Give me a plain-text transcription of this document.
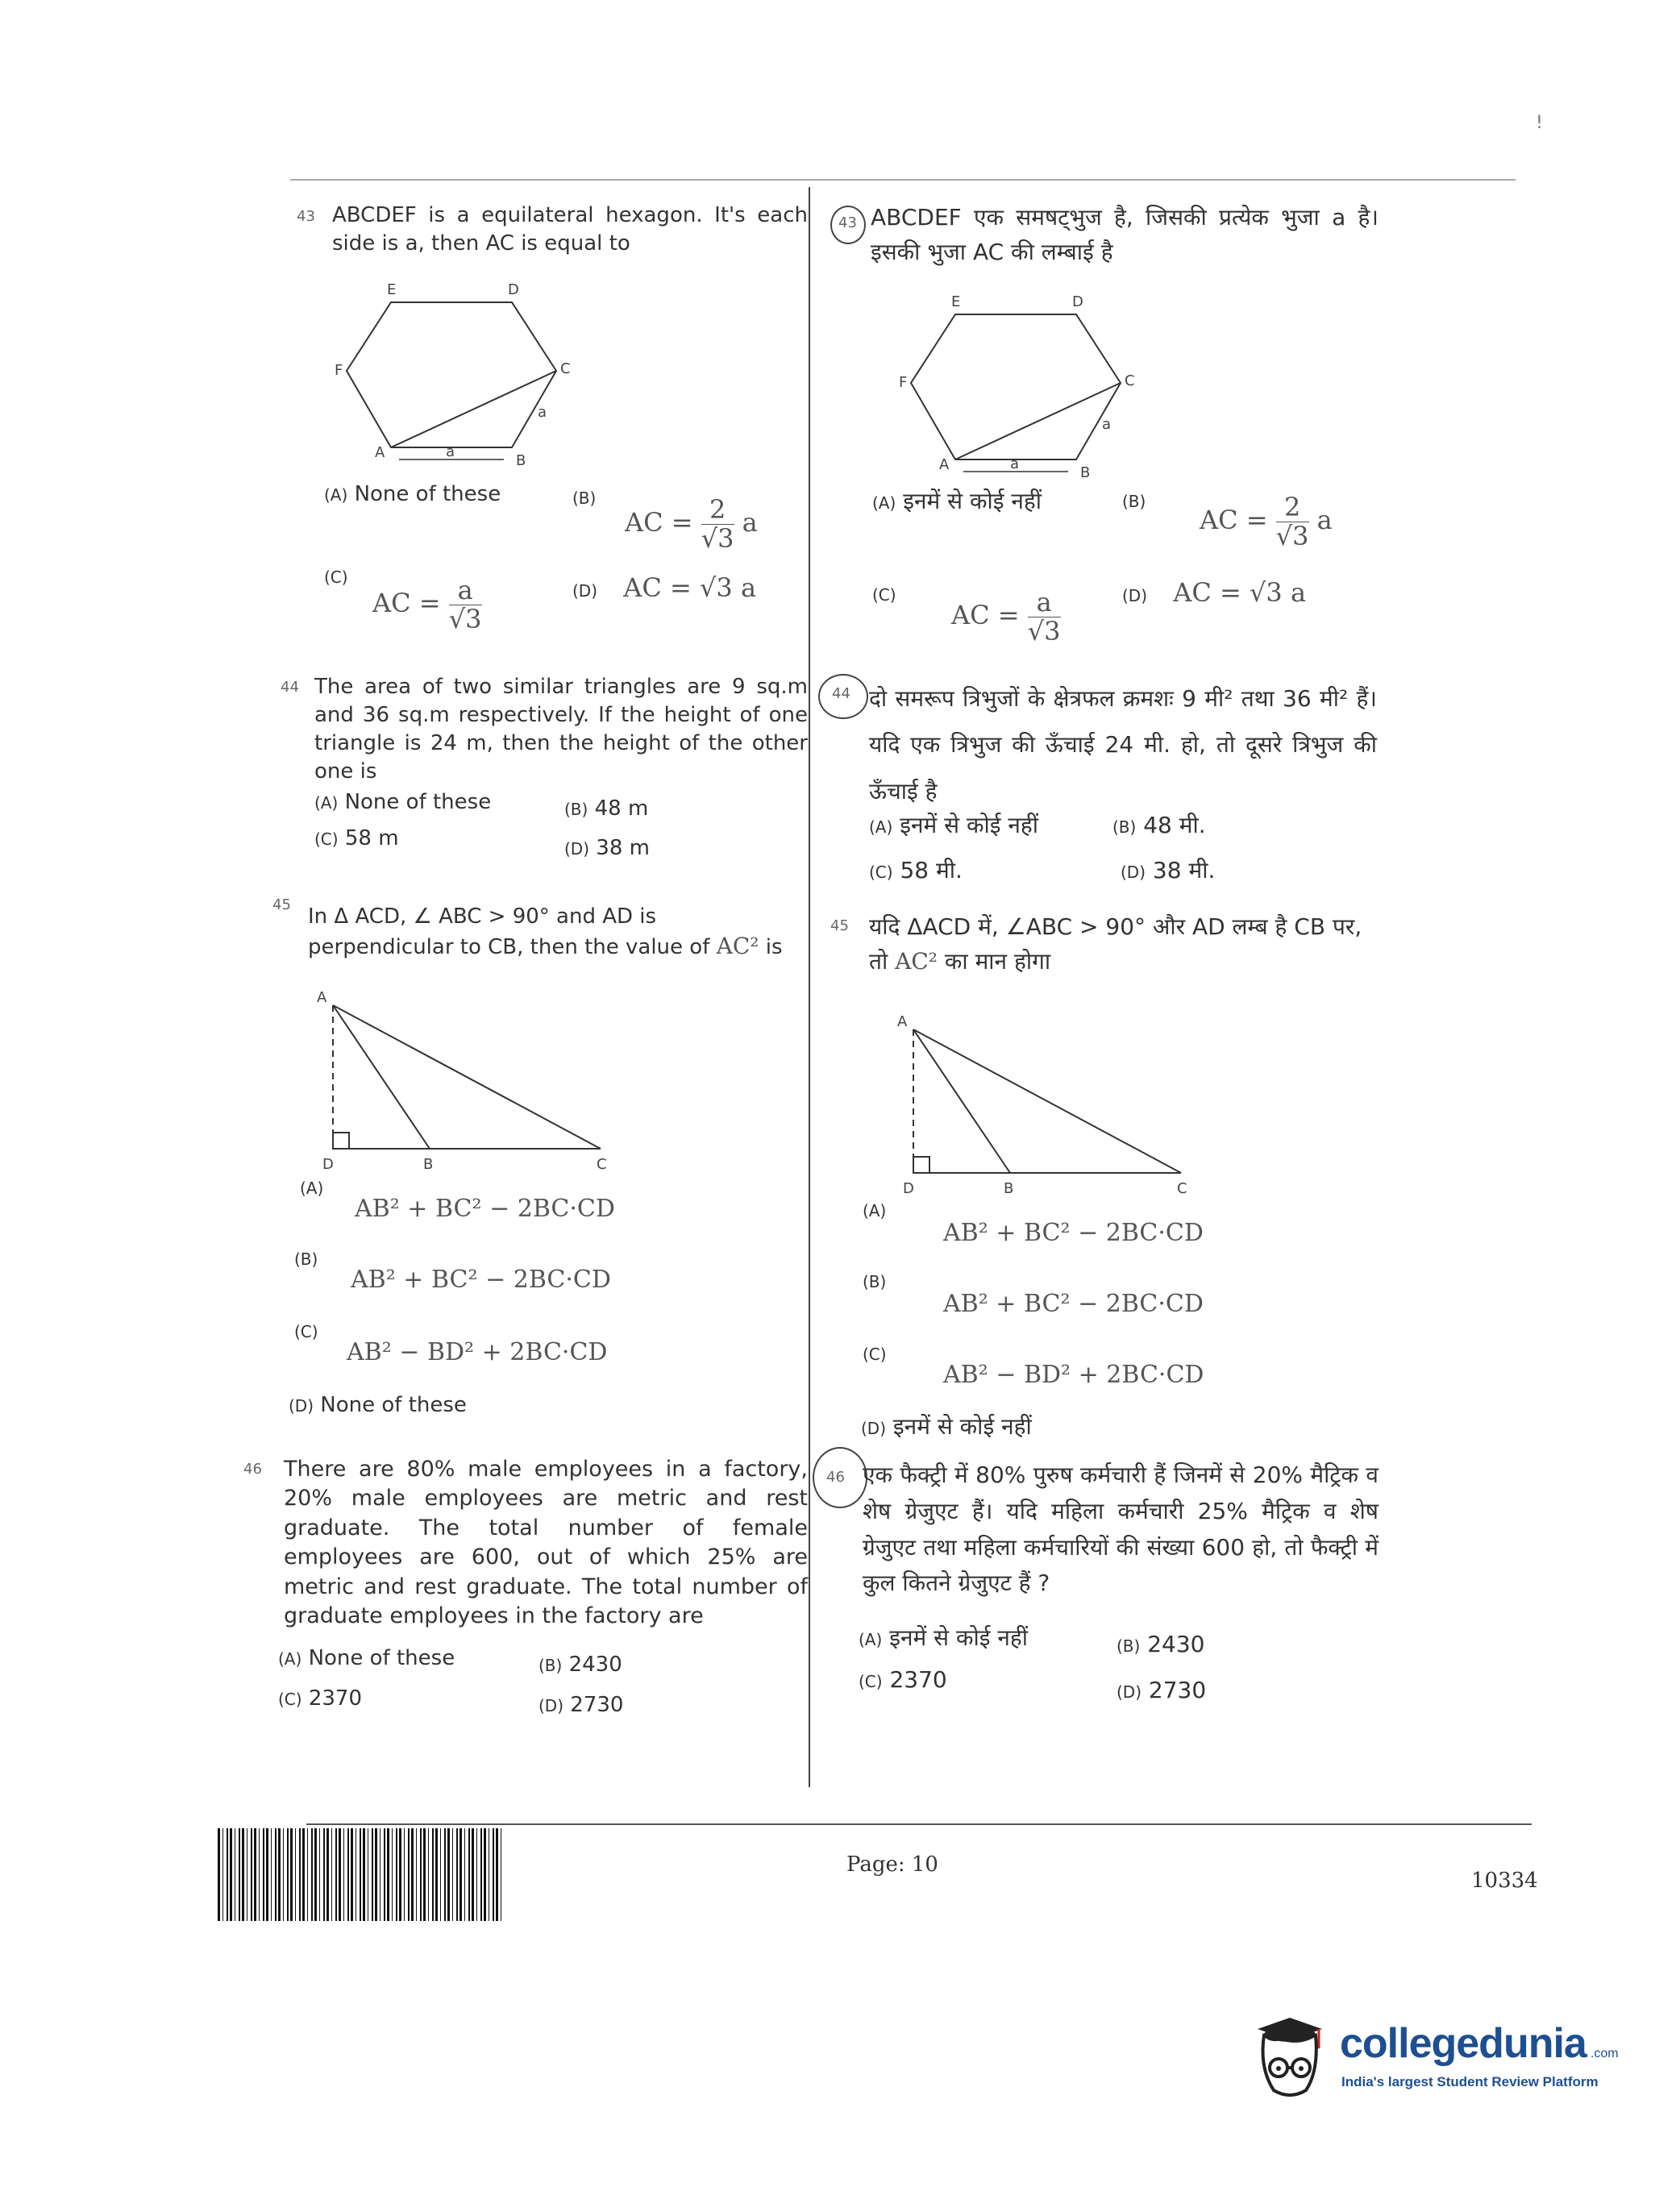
!
43 ABCDEF is a equilateral hexagon. It's each side is a, then AC is equal to
E	D
F	C
A	B
a
a
(A) None of these	(B)
AC = $\frac{2}{√3}$ a
(C)
AC = $\frac{a}{√3}$	(D) AC = √3 a
44 The area of two similar triangles are 9 sq.m and 36 sq.m respectively. If the height of one triangle is 24 m, then the height of the other one is
(A) None of these	(B) 48 m
(C) 58 m	(D) 38 m
45 In Δ ACD, ∠ ABC > 90° and AD is perpendicular to CB, then the value of AC² is
A
D	B	C
(A)
AB² + BC² − 2BC·CD
(B)
AB² + BC² − 2BC·CD
(C)
AB² − BD² + 2BC·CD
(D) None of these
46 There are 80% male employees in a factory, 20% male employees are metric and rest graduate. The total number of female employees are 600, out of which 25% are metric and rest graduate. The total number of graduate employees in the factory are
(A) None of these	(B) 2430
(C) 2370	(D) 2730
43 ABCDEF एक समषट्भुज है, जिसकी प्रत्येक भुजा a है। इसकी भुजा AC की लम्बाई है
E	D
F	C
A	B
a
a
(A) इनमें से कोई नहीं	(B)
AC = $\frac{2}{√3}$ a
(C)
AC = $\frac{a}{√3}$	(D) AC = √3 a
44 दो समरूप त्रिभुजों के क्षेत्रफल क्रमशः 9 मी² तथा 36 मी² हैं। यदि एक त्रिभुज की ऊँचाई 24 मी. हो, तो दूसरे त्रिभुज की ऊँचाई है
(A) इनमें से कोई नहीं	(B) 48 मी.
(C) 58 मी.	(D) 38 मी.
45 यदि ΔACD में, ∠ABC > 90° और AD लम्ब है CB पर, तो AC² का मान होगा
A
D	B	C
(A)
AB² + BC² − 2BC·CD
(B)
AB² + BC² − 2BC·CD
(C)
AB² − BD² + 2BC·CD
(D) इनमें से कोई नहीं
46 एक फैक्ट्री में 80% पुरुष कर्मचारी हैं जिनमें से 20% मैट्रिक व शेष ग्रेजुएट हैं। यदि महिला कर्मचारी 25% मैट्रिक व शेष ग्रेजुएट तथा महिला कर्मचारियों की संख्या 600 हो, तो फैक्ट्री में कुल कितने ग्रेजुएट हैं ?
(A) इनमें से कोई नहीं	(B) 2430
(C) 2370	(D) 2730
Page: 10
10334
collegedunia .com
India's largest Student Review Platform
